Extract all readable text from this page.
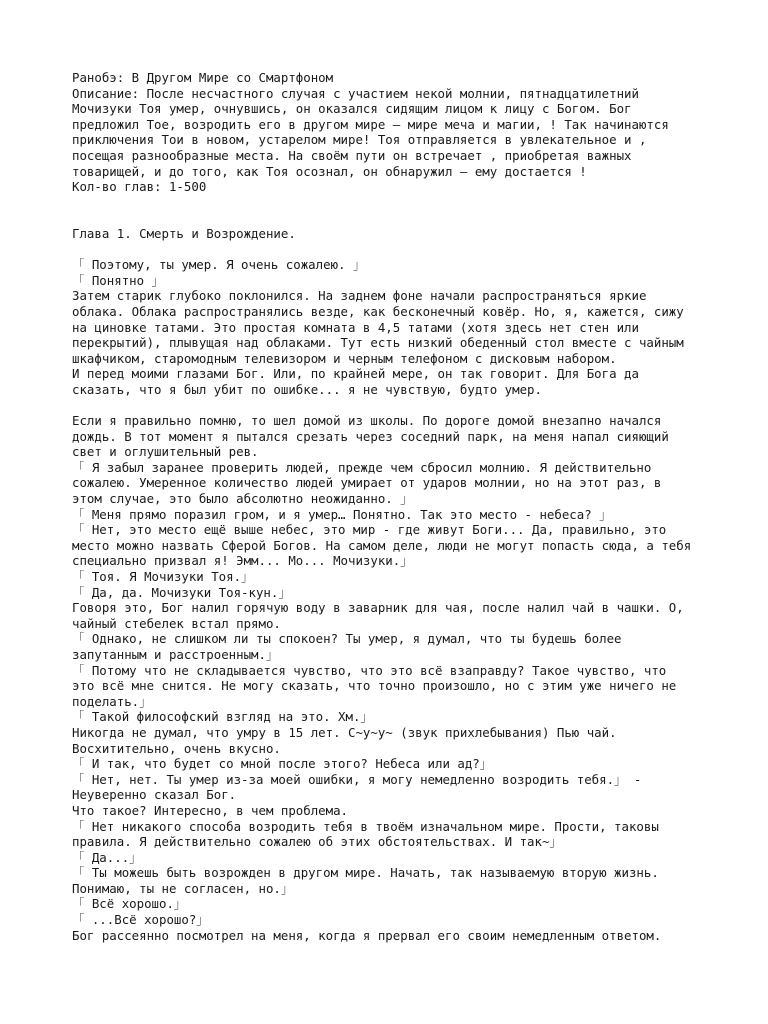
Ранобэ: В Другом Мире со Смартфоном
Описание: После несчастного случая с участием некой молнии, пятнадцатилетний
Мочизуки Тоя умер, очнувшись, он оказался сидящим лицом к лицу с Богом. Бог
предложил Тое, возродить его в другом мире – мире меча и магии, ! Так начинаются
приключения Тои в новом, устарелом мире! Тоя отправляется в увлекательное и ,
посещая разнообразные места. На своём пути он встречает , приобретая важных
товарищей, и до того, как Тоя осознал, он обнаружил – ему достается !
Кол-во глав: 1-500
Глава 1. Смерть и Возрождение.
「 Поэтому, ты умер. Я очень сожалею. 」
「 Понятно 」
Затем старик глубоко поклонился. На заднем фоне начали распространяться яркие
облака. Облака распространялись везде, как бесконечный ковёр. Но, я, кажется, сижу
на циновке татами. Это простая комната в 4,5 татами (хотя здесь нет стен или
перекрытий), плывущая над облаками. Тут есть низкий обеденный стол вместе с чайным
шкафчиком, старомодным телевизором и черным телефоном с дисковым набором.
И перед моими глазами Бог. Или, по крайней мере, он так говорит. Для Бога да
сказать, что я был убит по ошибке... я не чувствую, будто умер.
Если я правильно помню, то шел домой из школы. По дороге домой внезапно начался
дождь. В тот момент я пытался срезать через соседний парк, на меня напал сияющий
свет и оглушительный рев.
「 Я забыл заранее проверить людей, прежде чем сбросил молнию. Я действительно
сожалею. Умеренное количество людей умирает от ударов молнии, но на этот раз, в
этом случае, это было абсолютно неожиданно. 」
「 Меня прямо поразил гром, и я умер… Понятно. Так это место - небеса? 」
「 Нет, это место ещё выше небес, это мир - где живут Боги... Да, правильно, это
место можно назвать Сферой Богов. На самом деле, люди не могут попасть сюда, а тебя
специально призвал я! Эмм... Мо... Мочизуки.」
「 Тоя. Я Мочизуки Тоя.」
「 Да, да. Мочизуки Тоя-кун.」
Говоря это, Бог налил горячую воду в заварник для чая, после налил чай в чашки. О,
чайный стебелек встал прямо.
「 Однако, не слишком ли ты спокоен? Ты умер, я думал, что ты будешь более
запутанным и расстроенным.」
「 Потому что не складывается чувство, что это всё взаправду? Такое чувство, что
это всё мне снится. Не могу сказать, что точно произошло, но с этим уже ничего не
поделать.」
「 Такой философский взгляд на это. Хм.」
Никогда не думал, что умру в 15 лет. С~у~у~ (звук прихлебывания) Пью чай.
Восхитительно, очень вкусно.
「 И так, что будет со мной после этого? Небеса или ад?」
「 Нет, нет. Ты умер из-за моей ошибки, я могу немедленно возродить тебя.」 -
Неуверенно сказал Бог.
Что такое? Интересно, в чем проблема.
「 Нет никакого способа возродить тебя в твоём изначальном мире. Прости, таковы
правила. Я действительно сожалею об этих обстоятельствах. И так~」
「 Да...」
「 Ты можешь быть возрожден в другом мире. Начать, так называемую вторую жизнь.
Понимаю, ты не согласен, но.」
「 Всё хорошо.」
「 ...Всё хорошо?」
Бог рассеянно посмотрел на меня, когда я прервал его своим немедленным ответом.
